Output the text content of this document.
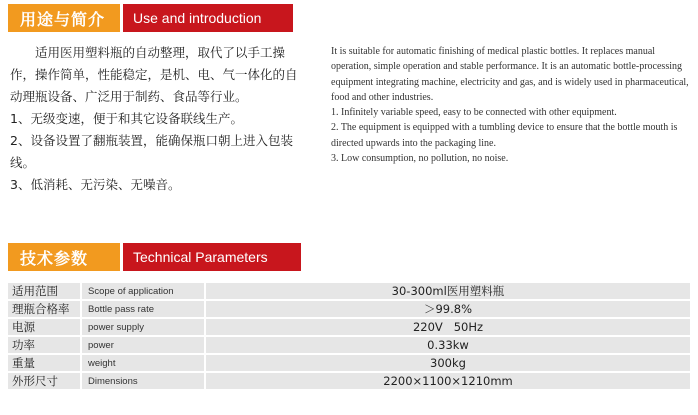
用途与简介	Use and introduction

适用医用塑料瓶的自动整理，取代了以手工操作，操作简单，性能稳定，是机、电、气一体化的自动理瓶设备、广泛用于制药、食品等行业。

1、无级变速，便于和其它设备联线生产。

2、设备设置了翻瓶装置，能确保瓶口朝上进入包装线。

3、低消耗、无污染、无噪音。

It is suitable for automatic finishing of medical plastic bottles. It replaces manual operation, simple operation and stable performance. It is an automatic bottle-processing equipment integrating machine, electricity and gas, and is widely used in pharmaceutical, food and other industries.

1. Infinitely variable speed, easy to be connected with other equipment.

2. The equipment is equipped with a tumbling device to ensure that the bottle mouth is directed upwards into the packaging line.

3. Low consumption, no pollution, no noise.

技术参数	Technical Parameters
适用范围	Scope of application	30-300ml医用塑料瓶
理瓶合格率	Bottle pass rate	＞99.8%
电源	power supply	220V   50Hz
功率	power	0.33kw
重量	weight	300kg
外形尺寸	Dimensions	2200×1100×1210mm
